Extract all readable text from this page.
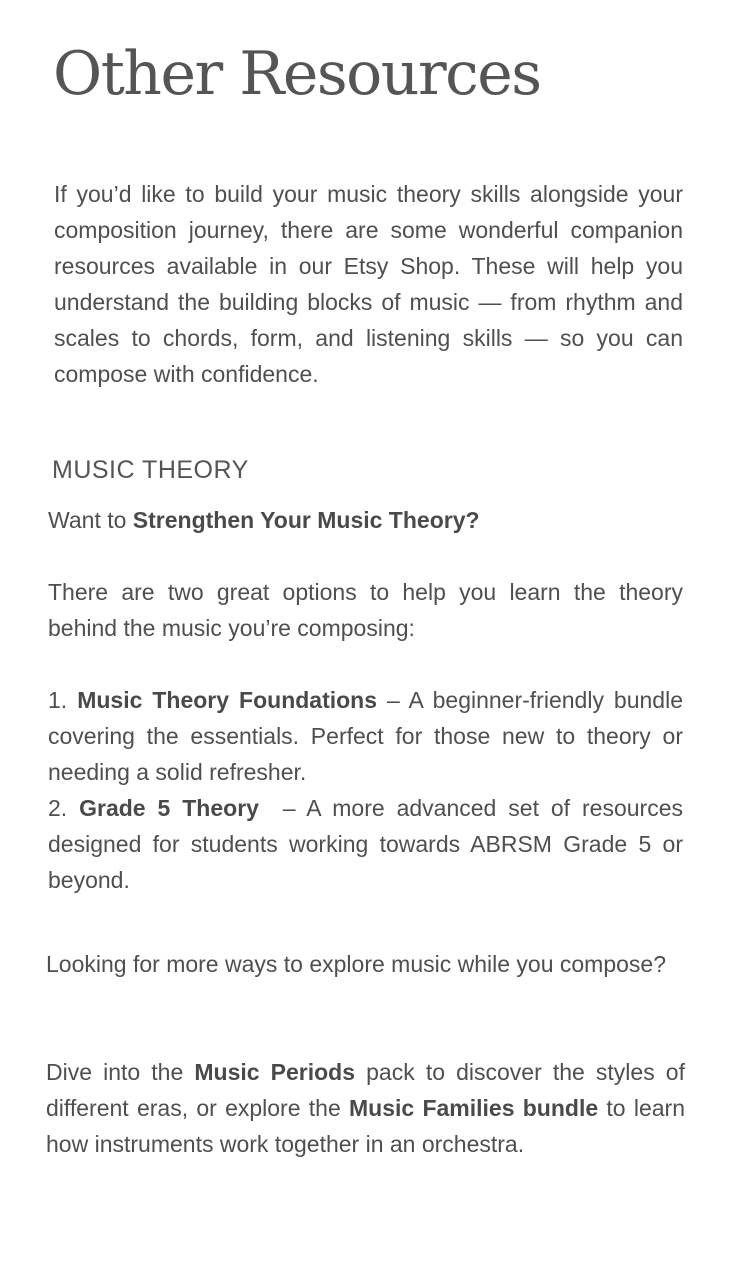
Other Resources

If you’d like to build your music theory skills alongside your composition journey, there are some wonderful companion resources available in our Etsy Shop. These will help you understand the building blocks of music — from rhythm and scales to chords, form, and listening skills — so you can compose with confidence.

MUSIC THEORY

Want to Strengthen Your Music Theory?

There are two great options to help you learn the theory behind the music you’re composing:

1. Music Theory Foundations – A beginner-friendly bundle covering the essentials. Perfect for those new to theory or needing a solid refresher.

2. Grade 5 Theory  – A more advanced set of resources designed for students working towards ABRSM Grade 5 or beyond.

Looking for more ways to explore music while you compose?

Dive into the Music Periods pack to discover the styles of different eras, or explore the Music Families bundle to learn how instruments work together in an orchestra.
